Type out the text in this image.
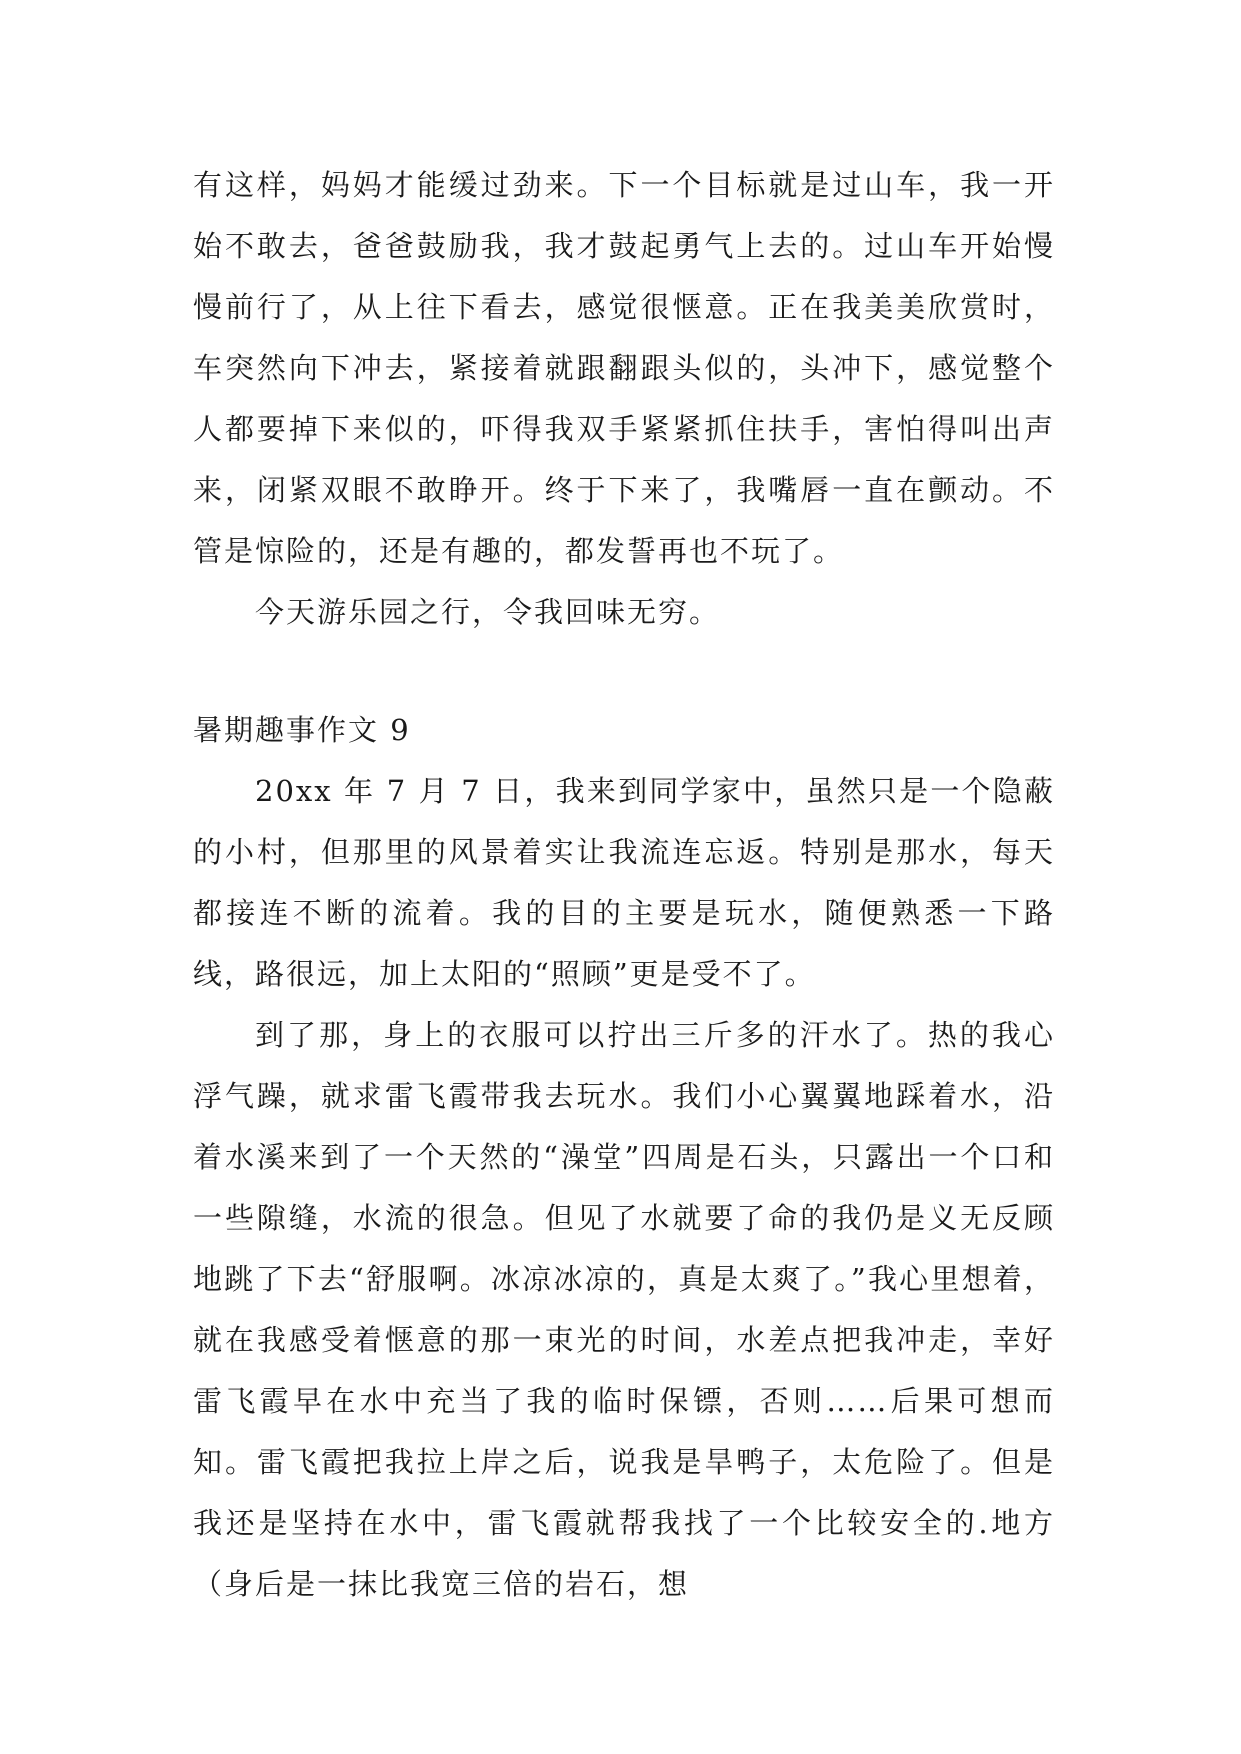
有这样，妈妈才能缓过劲来。下一个目标就是过山车，我一开始不敢去，爸爸鼓励我，我才鼓起勇气上去的。过山车开始慢慢前行了，从上往下看去，感觉很惬意。正在我美美欣赏时，车突然向下冲去，紧接着就跟翻跟头似的，头冲下，感觉整个人都要掉下来似的，吓得我双手紧紧抓住扶手，害怕得叫出声来，闭紧双眼不敢睁开。终于下来了，我嘴唇一直在颤动。不管是惊险的，还是有趣的，都发誓再也不玩了。

今天游乐园之行，令我回味无穷。

暑期趣事作文 9

20xx 年 7 月 7 日，我来到同学家中，虽然只是一个隐蔽的小村，但那里的风景着实让我流连忘返。特别是那水，每天都接连不断的流着。我的目的主要是玩水，随便熟悉一下路线，路很远，加上太阳的“照顾”更是受不了。

到了那，身上的衣服可以拧出三斤多的汗水了。热的我心浮气躁，就求雷飞霞带我去玩水。我们小心翼翼地踩着水，沿着水溪来到了一个天然的“澡堂”四周是石头，只露出一个口和一些隙缝，水流的很急。但见了水就要了命的我仍是义无反顾地跳了下去“舒服啊。冰凉冰凉的，真是太爽了。”我心里想着，就在我感受着惬意的那一束光的时间，水差点把我冲走，幸好雷飞霞早在水中充当了我的临时保镖，否则……后果可想而知。雷飞霞把我拉上岸之后，说我是旱鸭子，太危险了。但是我还是坚持在水中，雷飞霞就帮我找了一个比较安全的.地方（身后是一抹比我宽三倍的岩石，想
